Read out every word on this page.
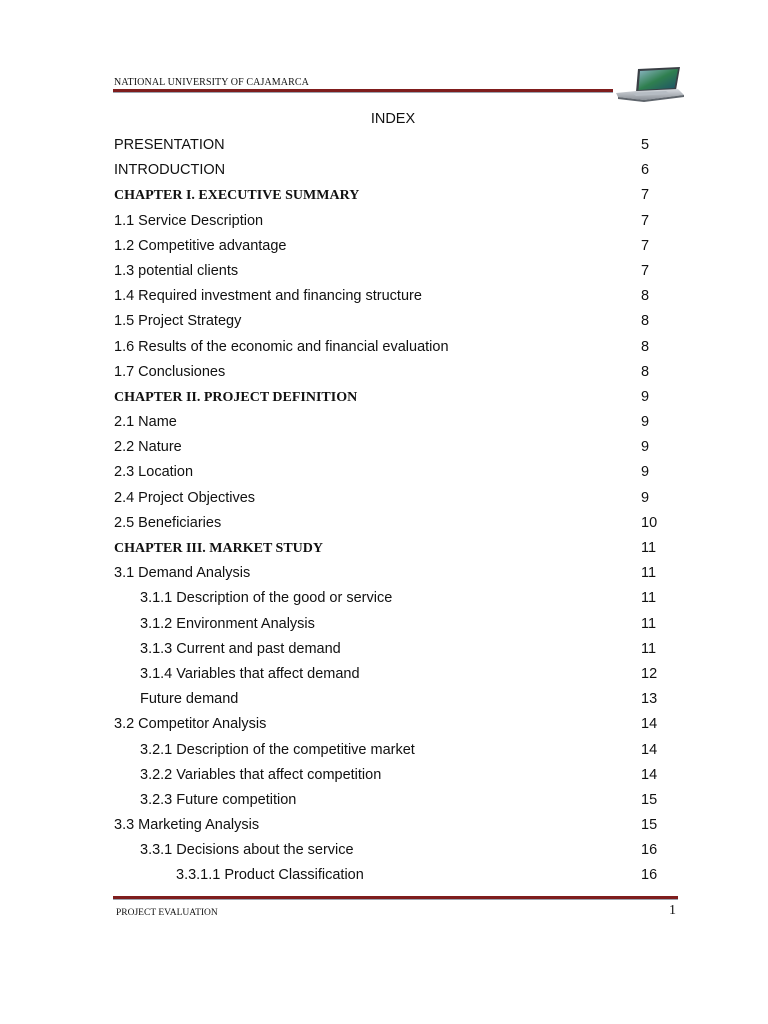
NATIONAL UNIVERSITY OF CAJAMARCA
INDEX
PRESENTATION	5
INTRODUCTION	6
CHAPTER I. EXECUTIVE SUMMARY	7
1.1 Service Description	7
1.2 Competitive advantage	7
1.3 potential clients	7
1.4 Required investment and financing structure	8
1.5 Project Strategy	8
1.6 Results of the economic and financial evaluation	8
1.7 Conclusiones	8
CHAPTER II. PROJECT DEFINITION	9
2.1 Name	9
2.2 Nature	9
2.3 Location	9
2.4 Project Objectives	9
2.5 Beneficiaries	10
CHAPTER III. MARKET STUDY	11
3.1 Demand Analysis	11
3.1.1 Description of the good or service	11
3.1.2 Environment Analysis	11
3.1.3 Current and past demand	11
3.1.4 Variables that affect demand	12
Future demand	13
3.2 Competitor Analysis	14
3.2.1 Description of the competitive market	14
3.2.2 Variables that affect competition	14
3.2.3 Future competition	15
3.3 Marketing Analysis	15
3.3.1 Decisions about the service	16
3.3.1.1 Product Classification	16
PROJECT EVALUATION	1
